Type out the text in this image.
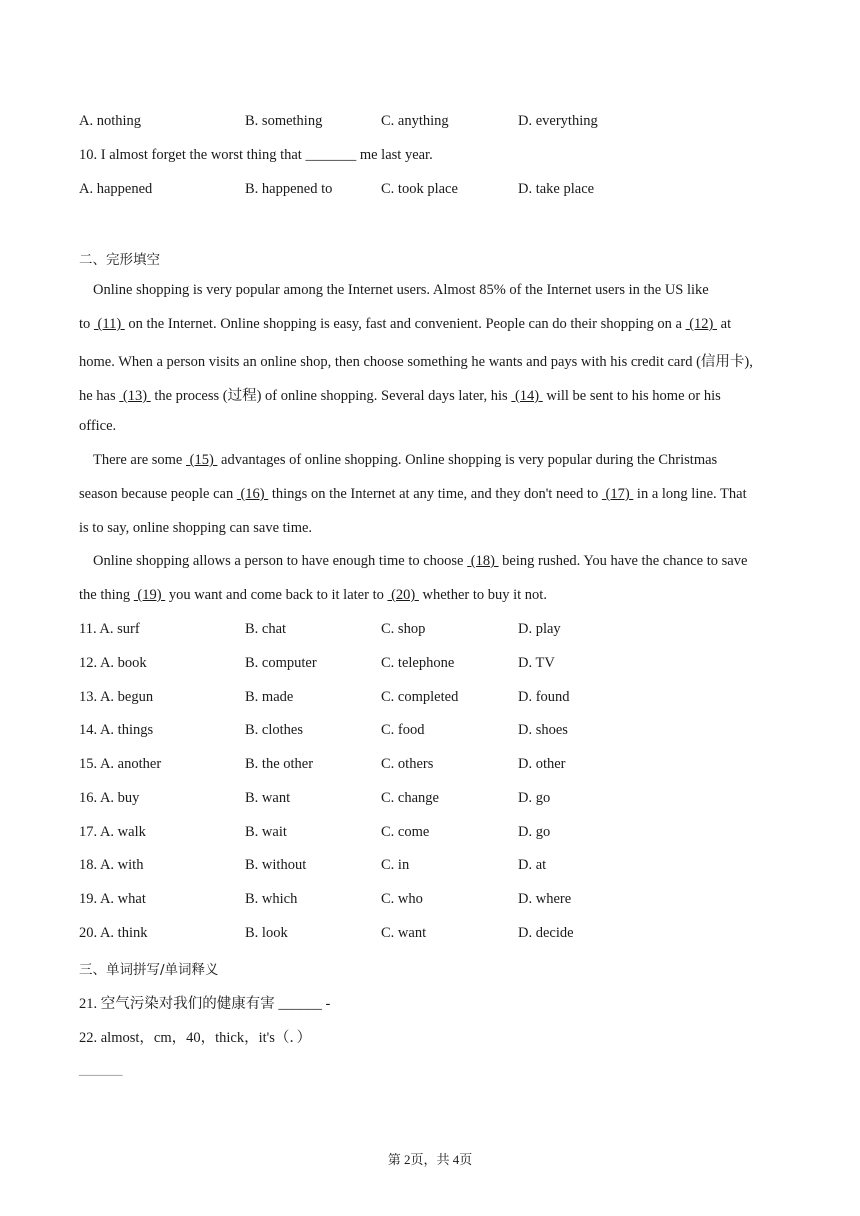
A. nothing	B. something	C. anything	D. everything
10. I almost forget the worst thing that _______ me last year.
A. happened	B. happened to	C. took place	D. take place
二、完形填空
Online shopping is very popular among the Internet users. Almost 85% of the Internet users in the US like
to  (11)  on the Internet. Online shopping is easy, fast and convenient. People can do their shopping on a  (12)  at
home. When a person visits an online shop, then choose something he wants and pays with his credit card (信用卡),
he has  (13)  the process (过程) of online shopping. Several days later, his  (14)  will be sent to his home or his
office.
There are some  (15)  advantages of online shopping. Online shopping is very popular during the Christmas
season because people can  (16)  things on the Internet at any time, and they don't need to  (17)  in a long line. That
is to say, online shopping can save time.
Online shopping allows a person to have enough time to choose  (18)  being rushed. You have the chance to save
the thing  (19)  you want and come back to it later to  (20)  whether to buy it not.
11. A. surf	B. chat	C. shop	D. play
12. A. book	B. computer	C. telephone	D. TV
13. A. begun	B. made	C. completed	D. found
14. A. things	B. clothes	C. food	D. shoes
15. A. another	B. the other	C. others	D. other
16. A. buy	B. want	C. change	D. go
17. A. walk	B. wait	C. come	D. go
18. A. with	B. without	C. in	D. at
19. A. what	B. which	C. who	D. where
20. A. think	B. look	C. want	D. decide
三、单词拼写/单词释义
21. 空气污染对我们的健康有害 ______ -
22. almost，cm，40，thick，it's（．）
______
第 2页，共 4页
